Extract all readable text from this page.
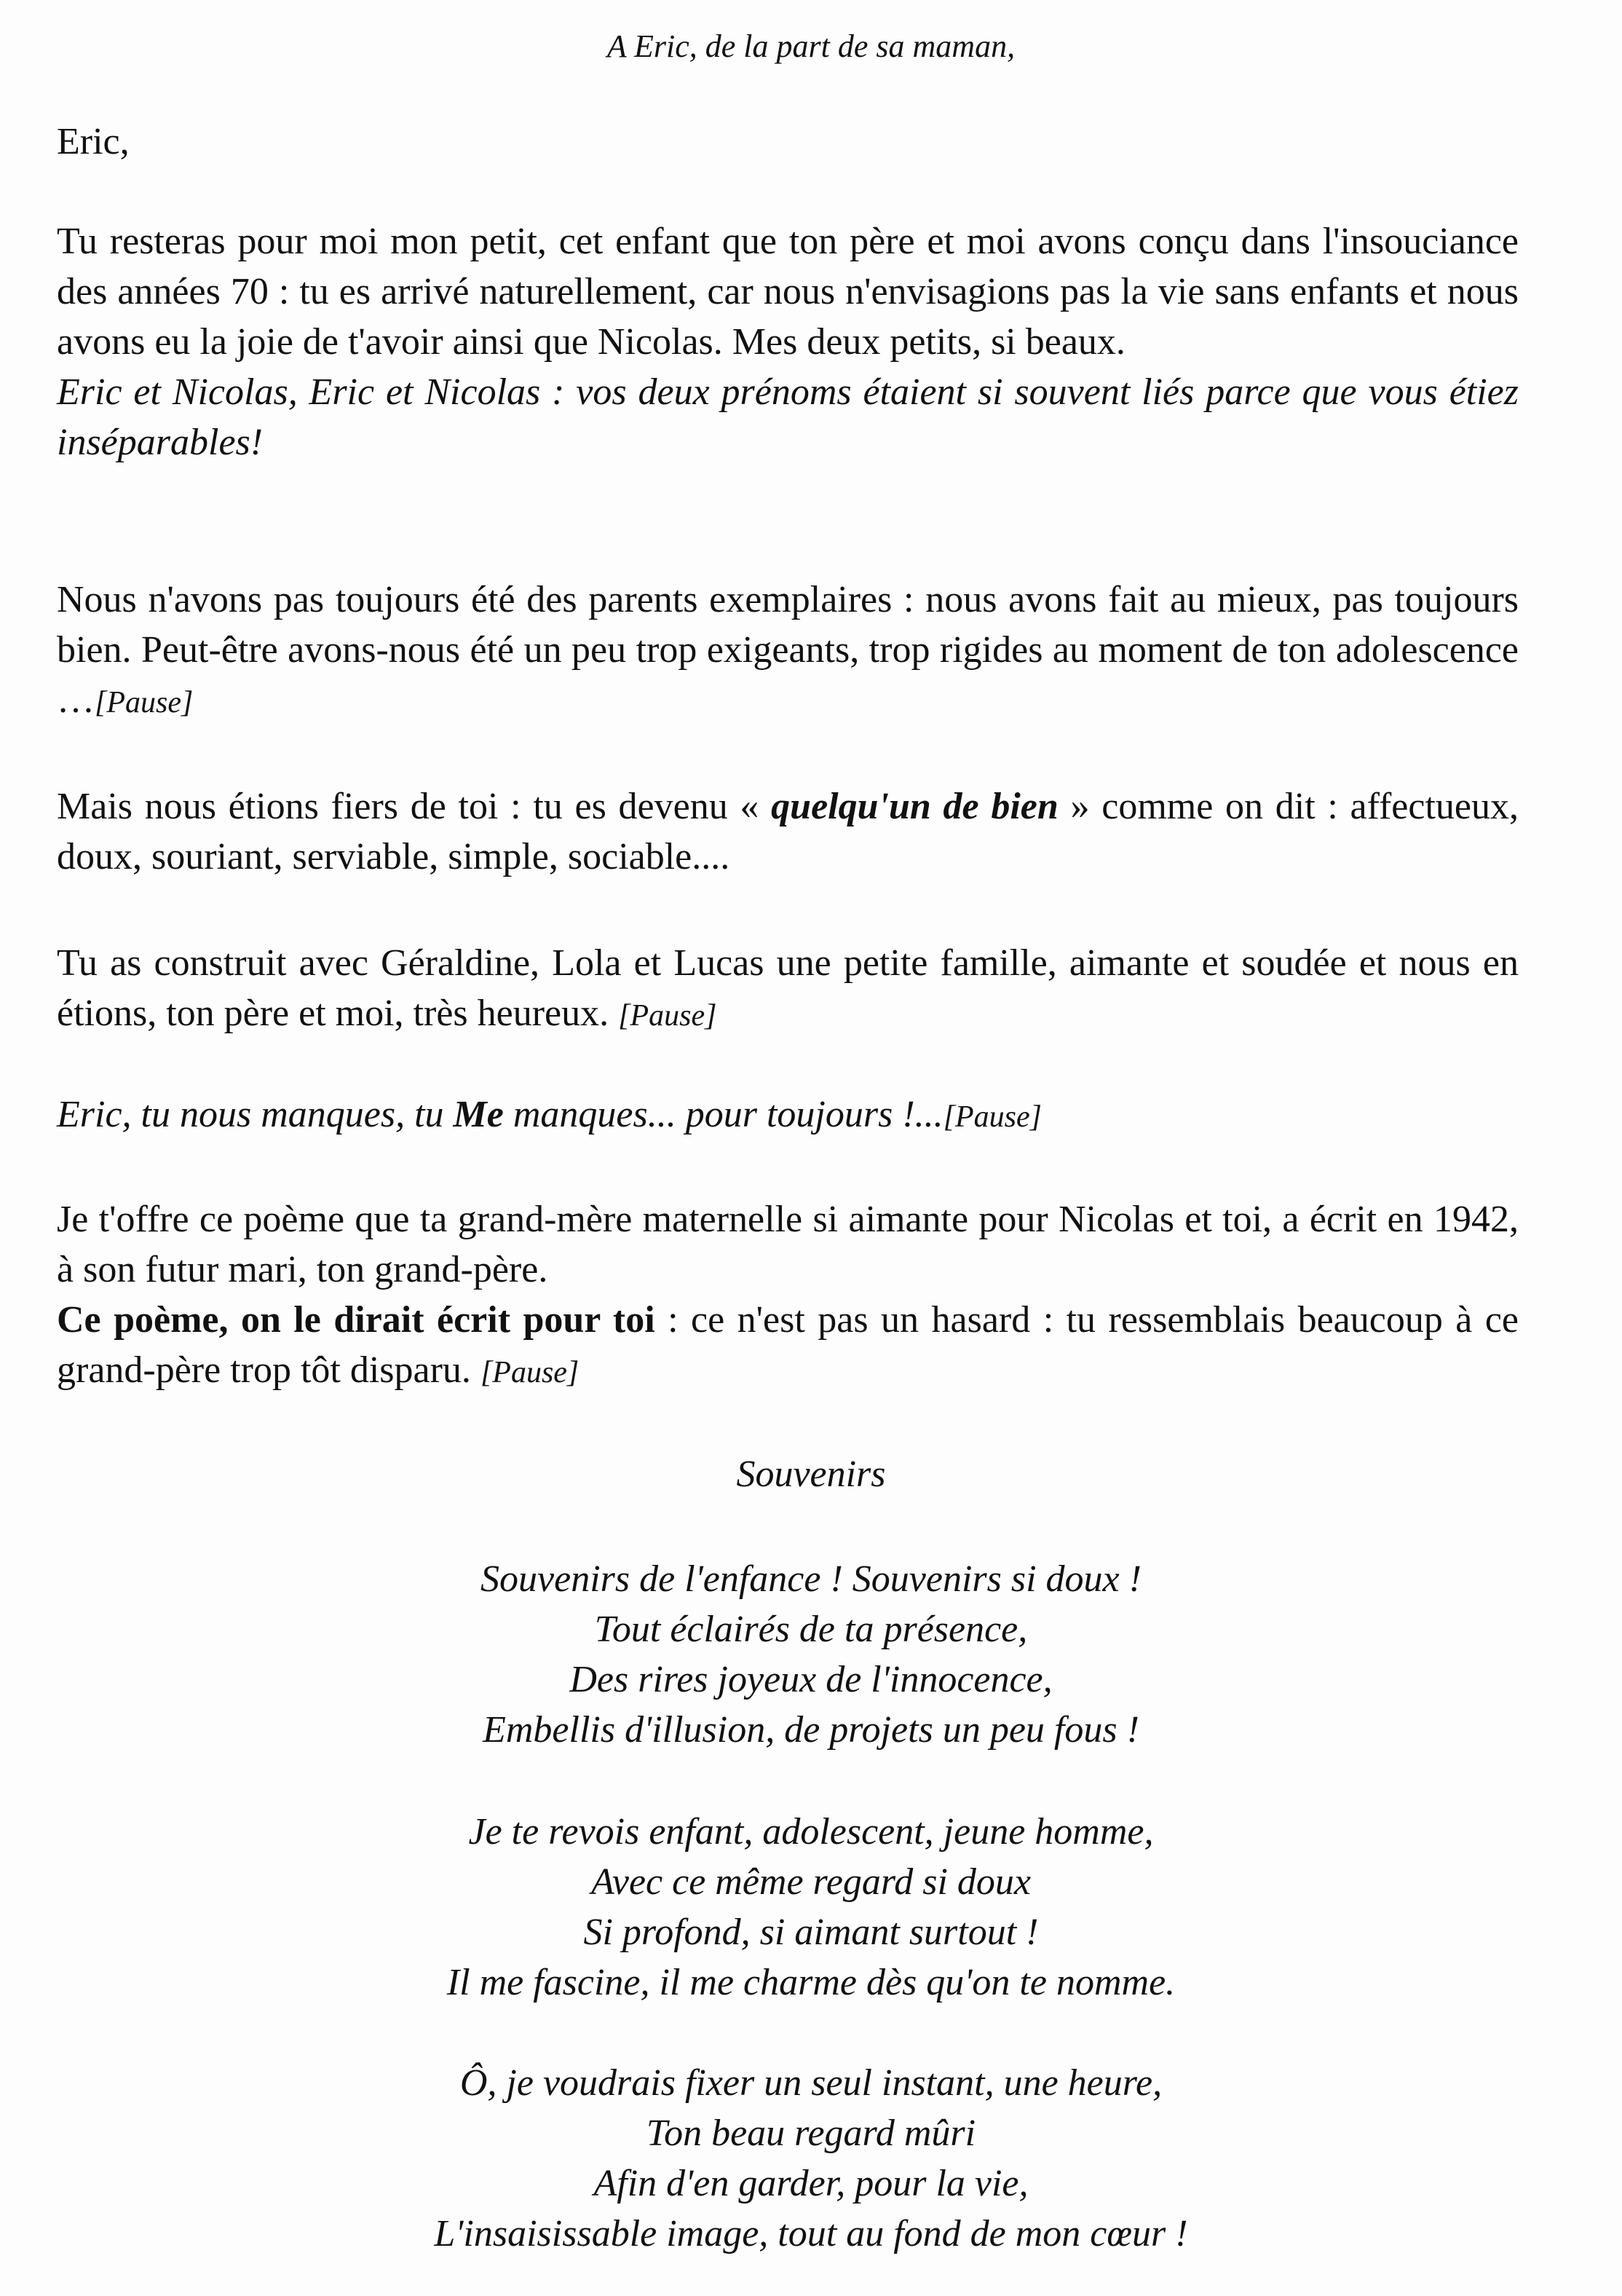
A Eric, de la part de sa maman,
Eric,

Tu resteras pour moi mon petit, cet enfant que ton père et moi avons conçu dans l'insouciance des années 70 : tu es arrivé naturellement, car nous n'envisagions pas la vie sans enfants et nous avons eu la joie de t'avoir ainsi que Nicolas. Mes deux petits, si beaux.

Eric et Nicolas, Eric et Nicolas : vos deux prénoms étaient si souvent liés parce que vous étiez inséparables!

Nous n'avons pas toujours été des parents exemplaires : nous avons fait au mieux, pas toujours bien. Peut-être avons-nous été un peu trop exigeants, trop rigides au moment de ton adolescence …[Pause]

Mais nous étions fiers de toi : tu es devenu « quelqu'un de bien » comme on dit : affectueux, doux, souriant, serviable, simple, sociable....

Tu as construit avec Géraldine, Lola et Lucas une petite famille, aimante et soudée et nous en étions, ton père et moi, très heureux. [Pause]

Eric, tu nous manques, tu Me manques... pour toujours !...[Pause]

Je t'offre ce poème que ta grand-mère maternelle si aimante pour Nicolas et toi, a écrit en 1942, à son futur mari, ton grand-père.

Ce poème, on le dirait écrit pour toi : ce n'est pas un hasard : tu ressemblais beaucoup à ce grand-père trop tôt disparu. [Pause]

Souvenirs
Souvenirs de l'enfance ! Souvenirs si doux !
Tout éclairés de ta présence,
Des rires joyeux de l'innocence,
Embellis d'illusion, de projets un peu fous !
Je te revois enfant, adolescent, jeune homme,
Avec ce même regard si doux
Si profond, si aimant surtout !
Il me fascine, il me charme dès qu'on te nomme.
Ô, je voudrais fixer un seul instant, une heure,
Ton beau regard mûri
Afin d'en garder, pour la vie,
L'insaisissable image, tout au fond de mon cœur !
